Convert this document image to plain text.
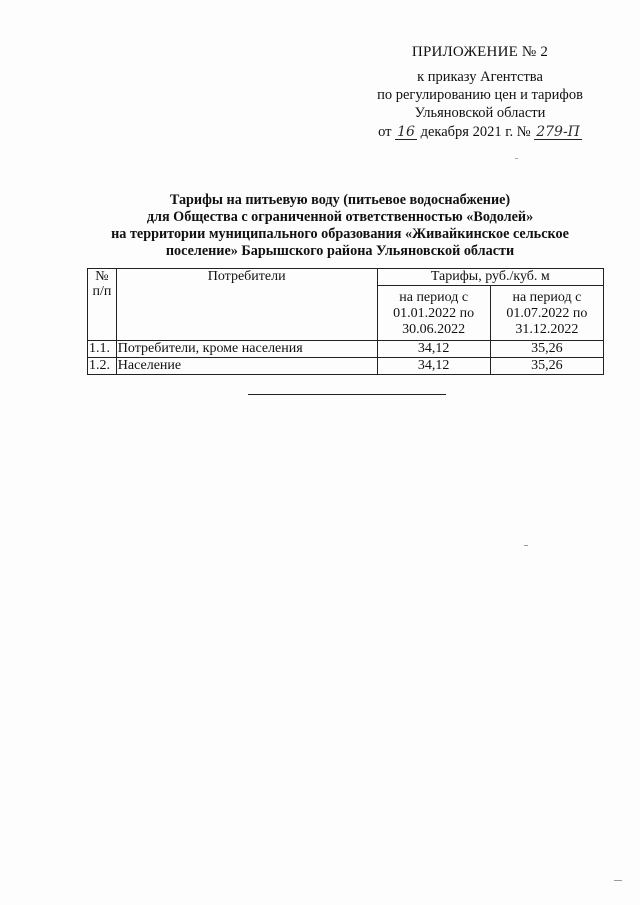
ПРИЛОЖЕНИЕ № 2
к приказу Агентства
по регулированию цен и тарифов
Ульяновской области
от 16 декабря 2021 г. № 279-П
Тарифы на питьевую воду (питьевое водоснабжение)
для Общества с ограниченной ответственностью «Водолей»
на территории муниципального образования «Живайкинское сельское
поселение» Барышского района Ульяновской области
№ п/п	Потребители	Тарифы, руб./куб. м	
		на период с 01.01.2022 по 30.06.2022	на период с 01.07.2022 по 31.12.2022
1.1.	Потребители, кроме населения	34,12	35,26
1.2.	Население	34,12	35,26
